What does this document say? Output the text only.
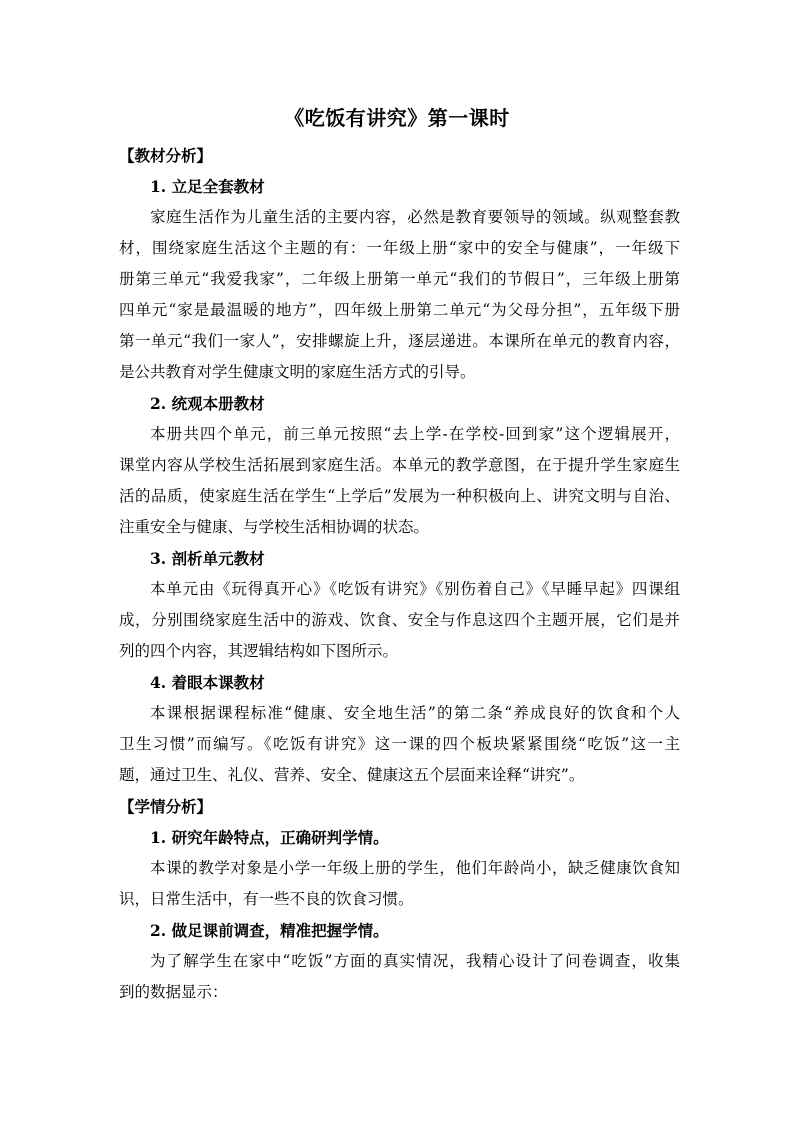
《吃饭有讲究》第一课时
【教材分析】
1. 立足全套教材
家庭生活作为儿童生活的主要内容，必然是教育要领导的领域。纵观整套教
材，围绕家庭生活这个主题的有：一年级上册“家中的安全与健康”，一年级下
册第三单元“我爱我家”，二年级上册第一单元“我们的节假日”，三年级上册第
四单元“家是最温暖的地方”，四年级上册第二单元“为父母分担”，五年级下册
第一单元“我们一家人”，安排螺旋上升，逐层递进。本课所在单元的教育内容，
是公共教育对学生健康文明的家庭生活方式的引导。
2. 统观本册教材
本册共四个单元，前三单元按照“去上学-在学校-回到家”这个逻辑展开，
课堂内容从学校生活拓展到家庭生活。本单元的教学意图，在于提升学生家庭生
活的品质，使家庭生活在学生“上学后”发展为一种积极向上、讲究文明与自治、
注重安全与健康、与学校生活相协调的状态。
3. 剖析单元教材
本单元由《玩得真开心》《吃饭有讲究》《别伤着自己》《早睡早起》四课组
成，分别围绕家庭生活中的游戏、饮食、安全与作息这四个主题开展，它们是并
列的四个内容，其逻辑结构如下图所示。
4. 着眼本课教材
本课根据课程标准“健康、安全地生活”的第二条“养成良好的饮食和个人
卫生习惯”而编写。《吃饭有讲究》这一课的四个板块紧紧围绕“吃饭”这一主
题，通过卫生、礼仪、营养、安全、健康这五个层面来诠释“讲究”。
【学情分析】
1. 研究年龄特点，正确研判学情。
本课的教学对象是小学一年级上册的学生，他们年龄尚小，缺乏健康饮食知
识，日常生活中，有一些不良的饮食习惯。
2. 做足课前调查，精准把握学情。
为了解学生在家中“吃饭”方面的真实情况，我精心设计了问卷调查，收集
到的数据显示：
